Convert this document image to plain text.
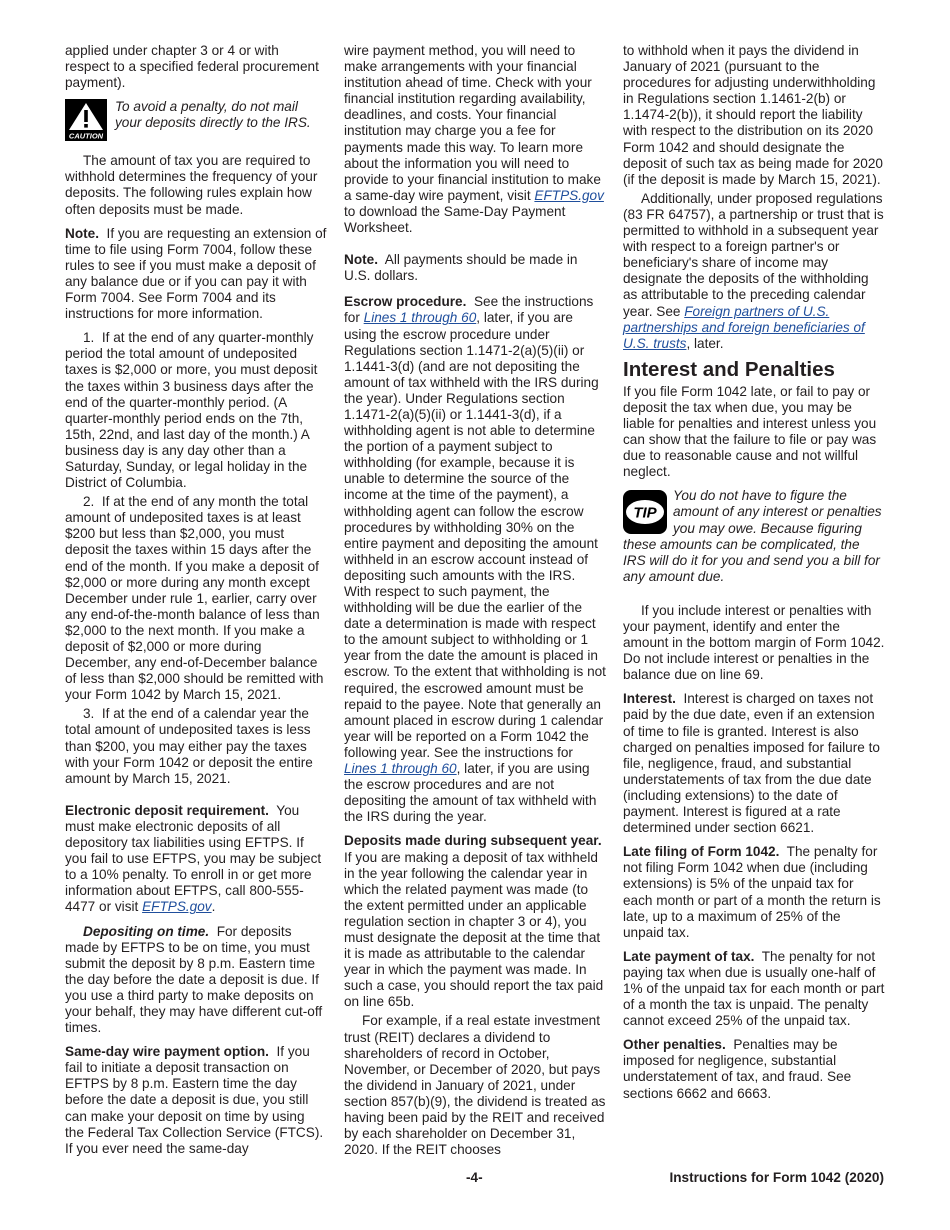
applied under chapter 3 or 4 or with respect to a specified federal procurement payment).

CAUTION
To avoid a penalty, do not mail your deposits directly to the IRS.

The amount of tax you are required to withhold determines the frequency of your deposits. The following rules explain how often deposits must be made.

Note. If you are requesting an extension of time to file using Form 7004, follow these rules to see if you must make a deposit of any balance due or if you can pay it with Form 7004. See Form 7004 and its instructions for more information.

1.  If at the end of any quarter-monthly period the total amount of undeposited taxes is $2,000 or more, you must deposit the taxes within 3 business days after the end of the quarter-monthly period. (A quarter-monthly period ends on the 7th, 15th, 22nd, and last day of the month.) A business day is any day other than a Saturday, Sunday, or legal holiday in the District of Columbia.

2.  If at the end of any month the total amount of undeposited taxes is at least $200 but less than $2,000, you must deposit the taxes within 15 days after the end of the month. If you make a deposit of $2,000 or more during any month except December under rule 1, earlier, carry over any end-of-the-month balance of less than $2,000 to the next month. If you make a deposit of $2,000 or more during December, any end-of-December balance of less than $2,000 should be remitted with your Form 1042 by March 15, 2021.

3.  If at the end of a calendar year the total amount of undeposited taxes is less than $200, you may either pay the taxes with your Form 1042 or deposit the entire amount by March 15, 2021.

Electronic deposit requirement. You must make electronic deposits of all depository tax liabilities using EFTPS. If you fail to use EFTPS, you may be subject to a 10% penalty. To enroll in or get more information about EFTPS, call 800-555-4477 or visit EFTPS.gov.

Depositing on time. For deposits made by EFTPS to be on time, you must submit the deposit by 8 p.m. Eastern time the day before the date a deposit is due. If you use a third party to make deposits on your behalf, they may have different cut-off times.

Same-day wire payment option. If you fail to initiate a deposit transaction on EFTPS by 8 p.m. Eastern time the day before the date a deposit is due, you still can make your deposit on time by using the Federal Tax Collection Service (FTCS). If you ever need the same-day

wire payment method, you will need to make arrangements with your financial institution ahead of time. Check with your financial institution regarding availability, deadlines, and costs. Your financial institution may charge you a fee for payments made this way. To learn more about the information you will need to provide to your financial institution to make a same-day wire payment, visit EFTPS.gov to download the Same-Day Payment Worksheet.

Note. All payments should be made in U.S. dollars.

Escrow procedure. See the instructions for Lines 1 through 60, later, if you are using the escrow procedure under Regulations section 1.1471-2(a)(5)(ii) or 1.1441-3(d) (and are not depositing the amount of tax withheld with the IRS during the year). Under Regulations section 1.1471-2(a)(5)(ii) or 1.1441-3(d), if a withholding agent is not able to determine the portion of a payment subject to withholding (for example, because it is unable to determine the source of the income at the time of the payment), a withholding agent can follow the escrow procedures by withholding 30% on the entire payment and depositing the amount withheld in an escrow account instead of depositing such amounts with the IRS. With respect to such payment, the withholding will be due the earlier of the date a determination is made with respect to the amount subject to withholding or 1 year from the date the amount is placed in escrow. To the extent that withholding is not required, the escrowed amount must be repaid to the payee. Note that generally an amount placed in escrow during 1 calendar year will be reported on a Form 1042 the following year. See the instructions for Lines 1 through 60, later, if you are using the escrow procedures and are not depositing the amount of tax withheld with the IRS during the year.

Deposits made during subsequent year.  If you are making a deposit of tax withheld in the year following the calendar year in which the related payment was made (to the extent permitted under an applicable regulation section in chapter 3 or 4), you must designate the deposit at the time that it is made as attributable to the calendar year in which the payment was made. In such a case, you should report the tax paid on line 65b.

For example, if a real estate investment trust (REIT) declares a dividend to shareholders of record in October, November, or December of 2020, but pays the dividend in January of 2021, under section 857(b)(9), the dividend is treated as having been paid by the REIT and received by each shareholder on December 31, 2020. If the REIT chooses

to withhold when it pays the dividend in January of 2021 (pursuant to the procedures for adjusting underwithholding in Regulations section 1.1461-2(b) or 1.1474-2(b)), it should report the liability with respect to the distribution on its 2020 Form 1042 and should designate the deposit of such tax as being made for 2020 (if the deposit is made by March 15, 2021).

Additionally, under proposed regulations (83 FR 64757), a partnership or trust that is permitted to withhold in a subsequent year with respect to a foreign partner's or beneficiary's share of income may designate the deposits of the withholding as attributable to the preceding calendar year. See Foreign partners of U.S. partnerships and foreign beneficiaries of U.S. trusts, later.

Interest and Penalties

If you file Form 1042 late, or fail to pay or deposit the tax when due, you may be liable for penalties and interest unless you can show that the failure to file or pay was due to reasonable cause and not willful neglect.

TIP
You do not have to figure the amount of any interest or penalties you may owe. Because figuring these amounts can be complicated, the IRS will do it for you and send you a bill for any amount due.

If you include interest or penalties with your payment, identify and enter the amount in the bottom margin of Form 1042. Do not include interest or penalties in the balance due on line 69.

Interest. Interest is charged on taxes not paid by the due date, even if an extension of time to file is granted. Interest is also charged on penalties imposed for failure to file, negligence, fraud, and substantial understatements of tax from the due date (including extensions) to the date of payment. Interest is figured at a rate determined under section 6621.

Late filing of Form 1042. The penalty for not filing Form 1042 when due (including extensions) is 5% of the unpaid tax for each month or part of a month the return is late, up to a maximum of 25% of the unpaid tax.

Late payment of tax. The penalty for not paying tax when due is usually one-half of 1% of the unpaid tax for each month or part of a month the tax is unpaid. The penalty cannot exceed 25% of the unpaid tax.

Other penalties. Penalties may be imposed for negligence, substantial understatement of tax, and fraud. See sections 6662 and 6663.

-4-	Instructions for Form 1042 (2020)
